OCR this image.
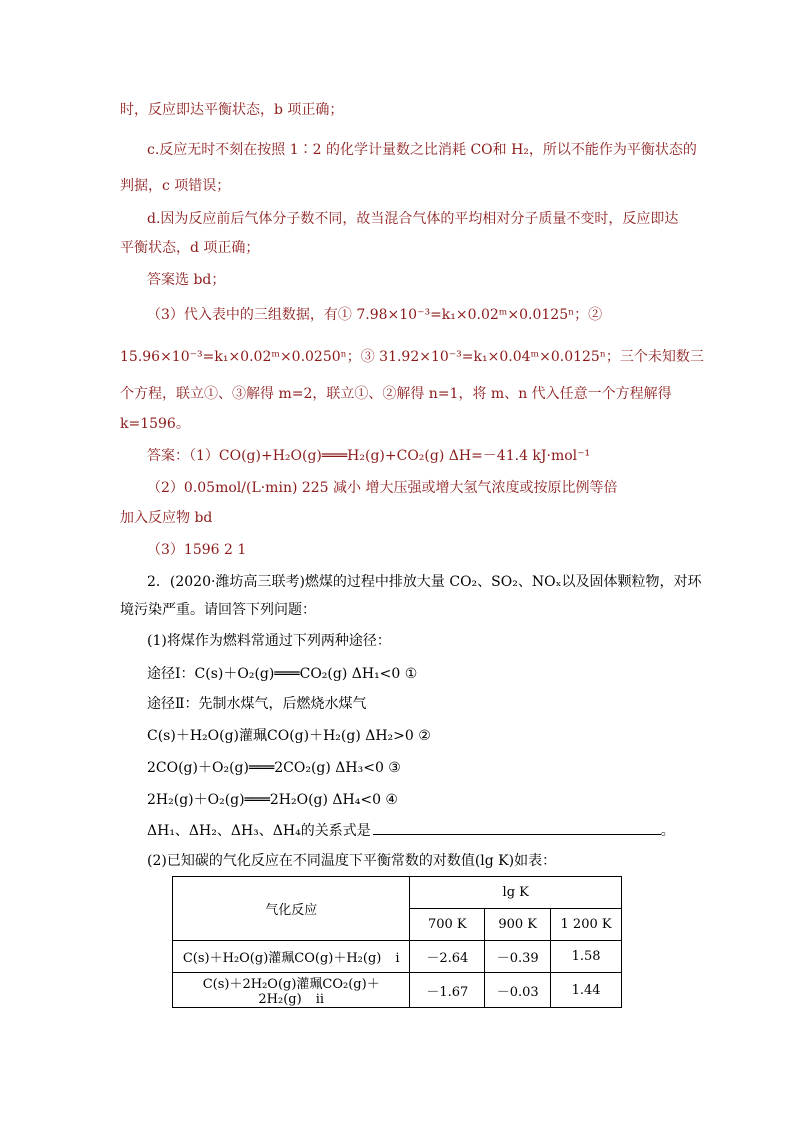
时，反应即达平衡状态，b 项正确；
c.反应无时不刻在按照 1∶2 的化学计量数之比消耗 CO和 H₂，所以不能作为平衡状态的
判据，c 项错误；
d.因为反应前后气体分子数不同，故当混合气体的平均相对分子质量不变时，反应即达
平衡状态，d 项正确；
答案选 bd；
（3）代入表中的三组数据，有① 7.98×10⁻³=k₁×0.02ᵐ×0.0125ⁿ；②
15.96×10⁻³=k₁×0.02ᵐ×0.0250ⁿ；③ 31.92×10⁻³=k₁×0.04ᵐ×0.0125ⁿ；三个未知数三
个方程，联立①、③解得 m=2，联立①、②解得 n=1，将 m、n 代入任意一个方程解得
k=1596。
答案：（1）CO(g)+H₂O(g)═══H₂(g)+CO₂(g) ΔH=－41.4 kJ·mol⁻¹
（2）0.05mol/(L·min) 225 减小 增大压强或增大氢气浓度或按原比例等倍
加入反应物 bd
（3）1596 2 1
2．(2020·潍坊高三联考)燃煤的过程中排放大量 CO₂、SO₂、NOₓ以及固体颗粒物，对环
境污染严重。请回答下列问题：
(1)将煤作为燃料常通过下列两种途径：
途径Ⅰ：C(s)＋O₂(g)═══CO₂(g) ΔH₁<0 ①
途径Ⅱ：先制水煤气，后燃烧水煤气
C(s)＋H₂O(g)灌珮CO(g)＋H₂(g) ΔH₂>0 ②
2CO(g)＋O₂(g)═══2CO₂(g) ΔH₃<0 ③
2H₂(g)＋O₂(g)═══2H₂O(g) ΔH₄<0 ④
ΔH₁、ΔH₂、ΔH₃、ΔH₄的关系式是	。
(2)已知碳的气化反应在不同温度下平衡常数的对数值(lg K)如表：
气化反应	lg K		
	700 K	900 K	1 200 K
C(s)＋H₂O(g)灌珮CO(g)＋H₂(g) i	－2.64	－0.39	1.58
C(s)＋2H₂O(g)灌珮CO₂(g)＋2H₂(g) ii	－1.67	－0.03	1.44
